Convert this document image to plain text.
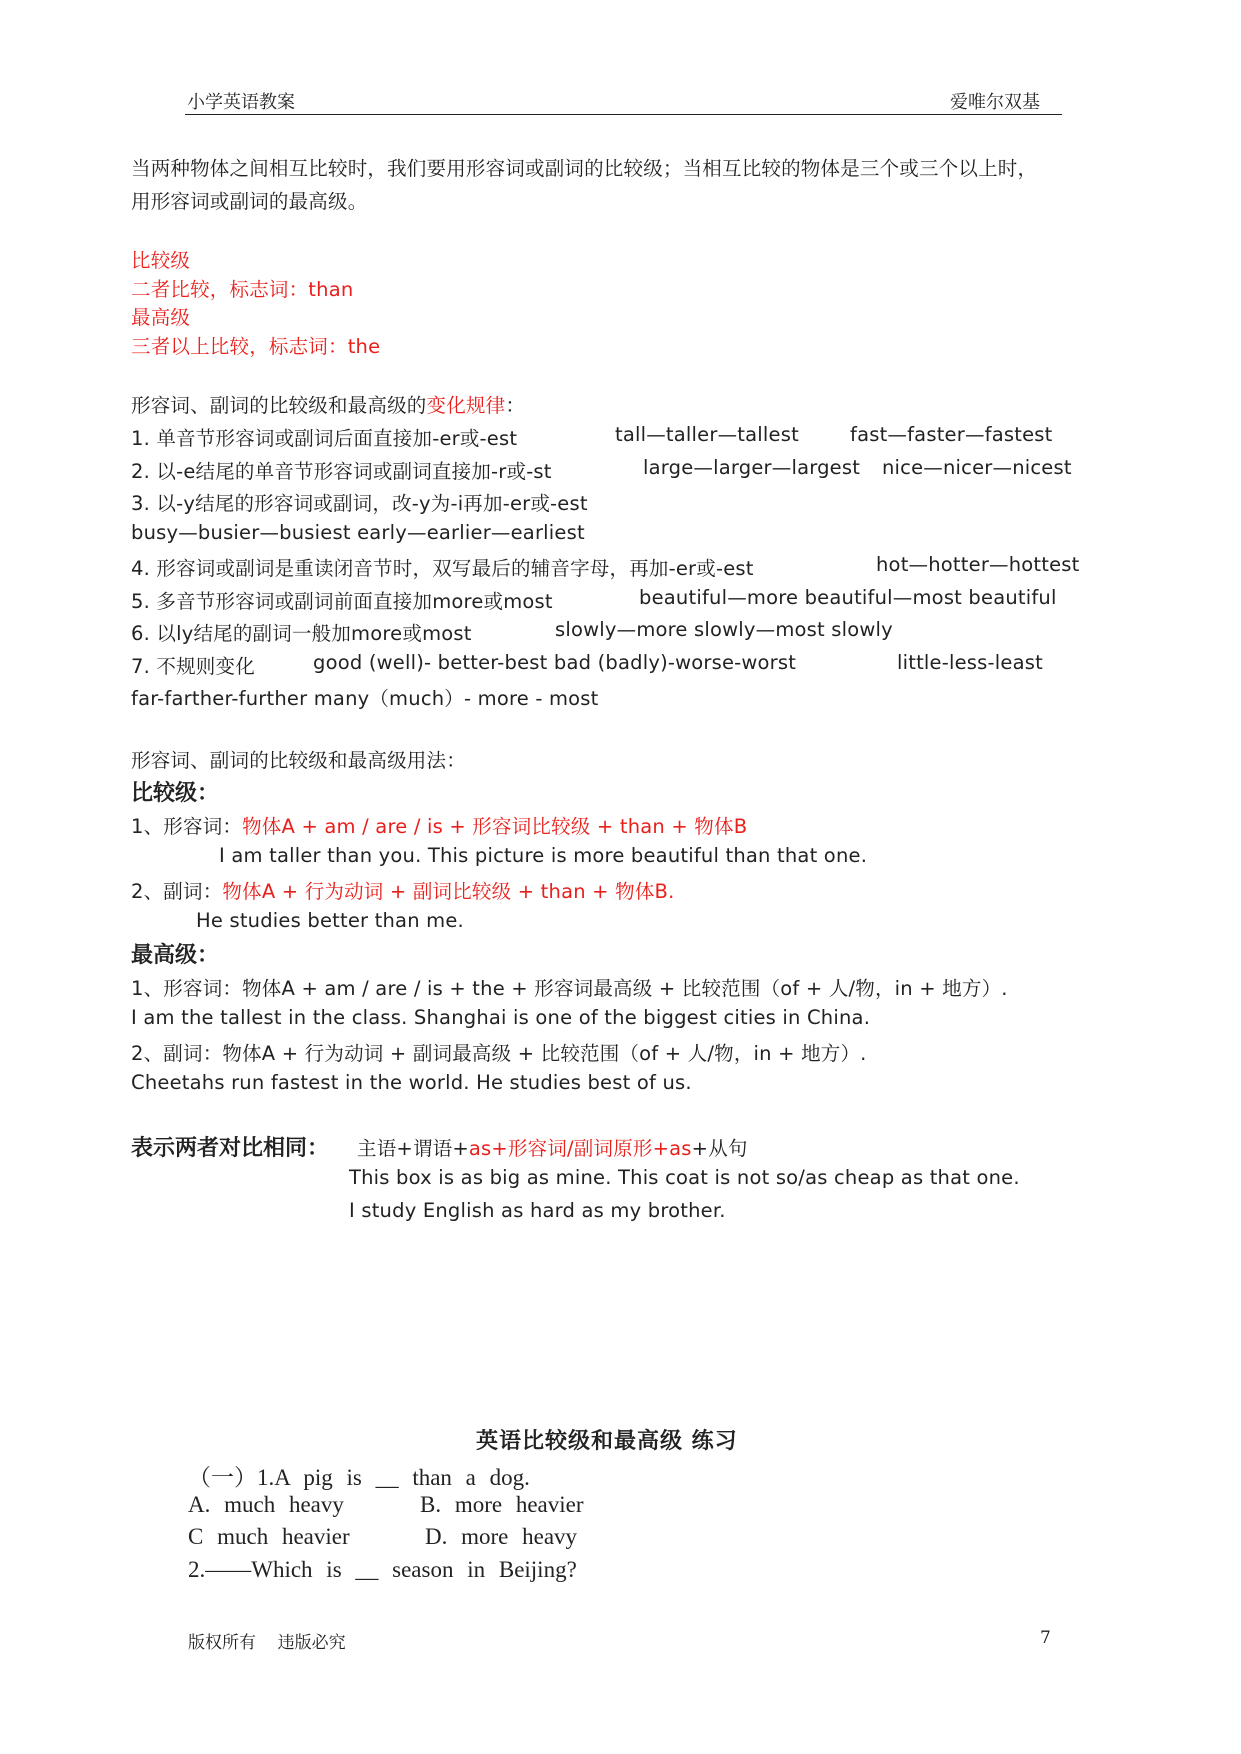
小学英语教案	爱唯尔双基
当两种物体之间相互比较时，我们要用形容词或副词的比较级；当相互比较的物体是三个或三个以上时，
用形容词或副词的最高级。
比较级
二者比较，标志词：than
最高级
三者以上比较，标志词：the
形容词、副词的比较级和最高级的变化规律：
1. 单音节形容词或副词后面直接加-er或-est	tall—taller—tallest	fast—faster—fastest
2. 以-e结尾的单音节形容词或副词直接加-r或-st	large—larger—largest nice—nicer—nicest
3. 以-y结尾的形容词或副词，改-y为-i再加-er或-est
busy—busier—busiest early—earlier—earliest
4. 形容词或副词是重读闭音节时，双写最后的辅音字母，再加-er或-est	hot—hotter—hottest
5. 多音节形容词或副词前面直接加more或most	beautiful—more beautiful—most beautiful
6. 以ly结尾的副词一般加more或most	slowly—more slowly—most slowly
7. 不规则变化	good (well)- better-best bad (badly)-worse-worst	little-less-least
far-farther-further many（much）- more - most
形容词、副词的比较级和最高级用法：
比较级：
1、形容词：物体A + am / are / is + 形容词比较级 + than + 物体B
I am taller than you. This picture is more beautiful than that one.
2、副词：物体A + 行为动词 + 副词比较级 + than + 物体B.
He studies better than me.
最高级：
1、形容词：物体A + am / are / is + the + 形容词最高级 + 比较范围（of + 人/物，in + 地方）.
I am the tallest in the class. Shanghai is one of the biggest cities in China.
2、副词：物体A + 行为动词 + 副词最高级 + 比较范围（of + 人/物，in + 地方）.
Cheetahs run fastest in the world. He studies best of us.
表示两者对比相同： 主语+谓语+as+形容词/副词原形+as+从句
This box is as big as mine. This coat is not so/as cheap as that one.
I study English as hard as my brother.
英语比较级和最高级 练习
（一）1.A pig is __ than a dog.
A. much heavy	B. more heavier
C much heavier	D. more heavy
2.——Which is __ season in Beijing?
版权所有    违版必究	7
